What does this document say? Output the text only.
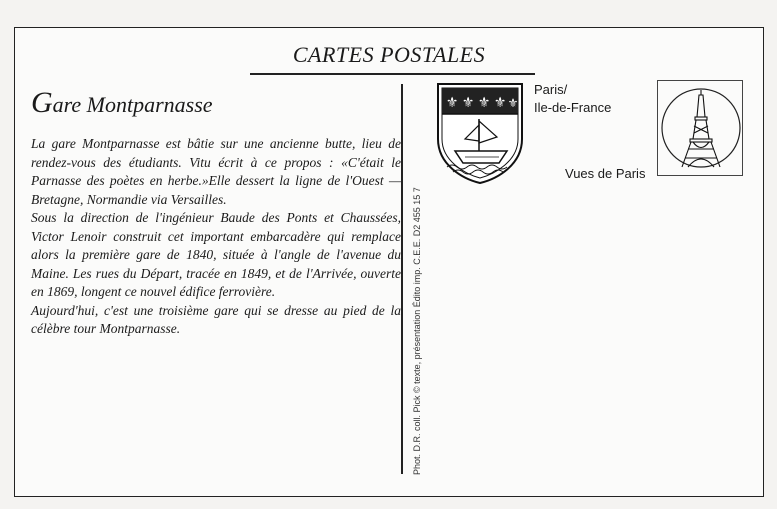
CARTES POSTALES
Gare Montparnasse

La gare Montparnasse est bâtie sur une ancienne butte, lieu de rendez-vous des étudiants. Vitu écrit à ce propos : «C'était le Parnasse des poètes en herbe.»Elle dessert la ligne de l'Ouest — Bretagne, Normandie via Versailles.

Sous la direction de l'ingénieur Baude des Ponts et Chaussées, Victor Lenoir construit cet important embarcadère qui remplace alors la première gare de 1840, située à l'angle de l'avenue du Maine. Les rues du Départ, tracée en 1849, et de l'Arrivée, ouverte en 1869, longent ce nouvel édifice ferrovière.

Aujourd'hui, c'est une troisième gare qui se dresse au pied de la célèbre tour Montparnasse.	Phot. D.R. coll. Pick © texte, présentation Édito imp. C.E.E. D2 455 15 7
⚜ ⚜ ⚜ ⚜ ⚜
Paris/
Ile-de-France
Vues de Paris
